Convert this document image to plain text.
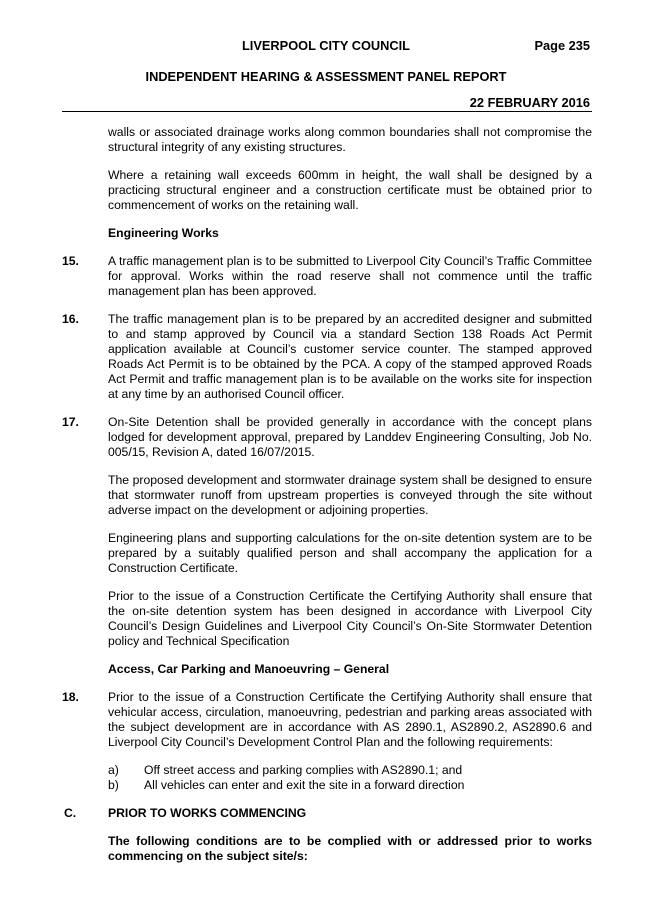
LIVERPOOL CITY COUNCIL	Page 235
INDEPENDENT HEARING & ASSESSMENT PANEL REPORT
22 FEBRUARY 2016

walls or associated drainage works along common boundaries shall not compromise the structural integrity of any existing structures.

Where a retaining wall exceeds 600mm in height, the wall shall be designed by a practicing structural engineer and a construction certificate must be obtained prior to commencement of works on the retaining wall.

Engineering Works
15.	A traffic management plan is to be submitted to Liverpool City Council’s Traffic Committee for approval. Works within the road reserve shall not commence until the traffic management plan has been approved.
16.	The traffic management plan is to be prepared by an accredited designer and submitted to and stamp approved by Council via a standard Section 138 Roads Act Permit application available at Council’s customer service counter. The stamped approved Roads Act Permit is to be obtained by the PCA. A copy of the stamped approved Roads Act Permit and traffic management plan is to be available on the works site for inspection at any time by an authorised Council officer.
17.	On-Site Detention shall be provided generally in accordance with the concept plans lodged for development approval, prepared by Landdev Engineering Consulting, Job No. 005/15, Revision A, dated 16/07/2015.

The proposed development and stormwater drainage system shall be designed to ensure that stormwater runoff from upstream properties is conveyed through the site without adverse impact on the development or adjoining properties.

Engineering plans and supporting calculations for the on-site detention system are to be prepared by a suitably qualified person and shall accompany the application for a Construction Certificate.

Prior to the issue of a Construction Certificate the Certifying Authority shall ensure that the on-site detention system has been designed in accordance with Liverpool City Council’s Design Guidelines and Liverpool City Council’s On-Site Stormwater Detention policy and Technical Specification

Access, Car Parking and Manoeuvring – General
18.	Prior to the issue of a Construction Certificate the Certifying Authority shall ensure that vehicular access, circulation, manoeuvring, pedestrian and parking areas associated with the subject development are in accordance with AS 2890.1, AS2890.2, AS2890.6 and Liverpool City Council’s Development Control Plan and the following requirements:
a)	Off street access and parking complies with AS2890.1; and
b)	All vehicles can enter and exit the site in a forward direction
C.	PRIOR TO WORKS COMMENCING

The following conditions are to be complied with or addressed prior to works commencing on the subject site/s:
